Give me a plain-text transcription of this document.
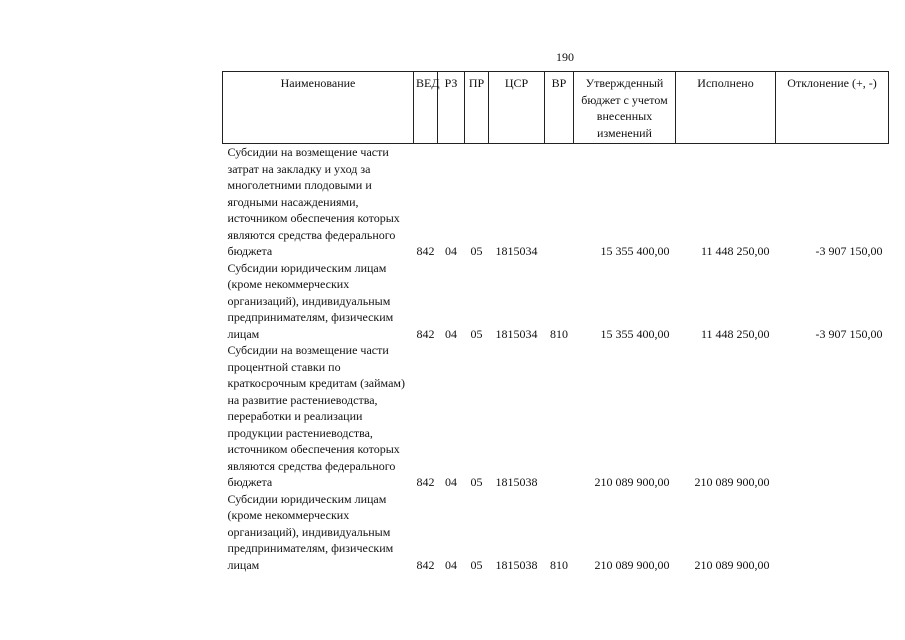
190
Наименование	ВЕД	РЗ	ПР	ЦСР	ВР	Утвержденный бюджет с учетом внесенных изменений	Исполнено	Отклонение (+, -)
Субсидии на возмещение части затрат на закладку и уход за многолетними плодовыми и ягодными насаждениями, источником обеспечения которых являются средства федерального бюджета	842	04	05	1815034		15 355 400,00	11 448 250,00	-3 907 150,00
Субсидии юридическим лицам (кроме некоммерческих организаций), индивидуальным предпринимателям, физическим лицам	842	04	05	1815034	810	15 355 400,00	11 448 250,00	-3 907 150,00
Субсидии на возмещение части процентной ставки по краткосрочным кредитам (займам) на развитие растениеводства, переработки и реализации продукции растениеводства, источником обеспечения которых являются средства федерального бюджета	842	04	05	1815038		210 089 900,00	210 089 900,00	
Субсидии юридическим лицам (кроме некоммерческих организаций), индивидуальным предпринимателям, физическим лицам	842	04	05	1815038	810	210 089 900,00	210 089 900,00	
